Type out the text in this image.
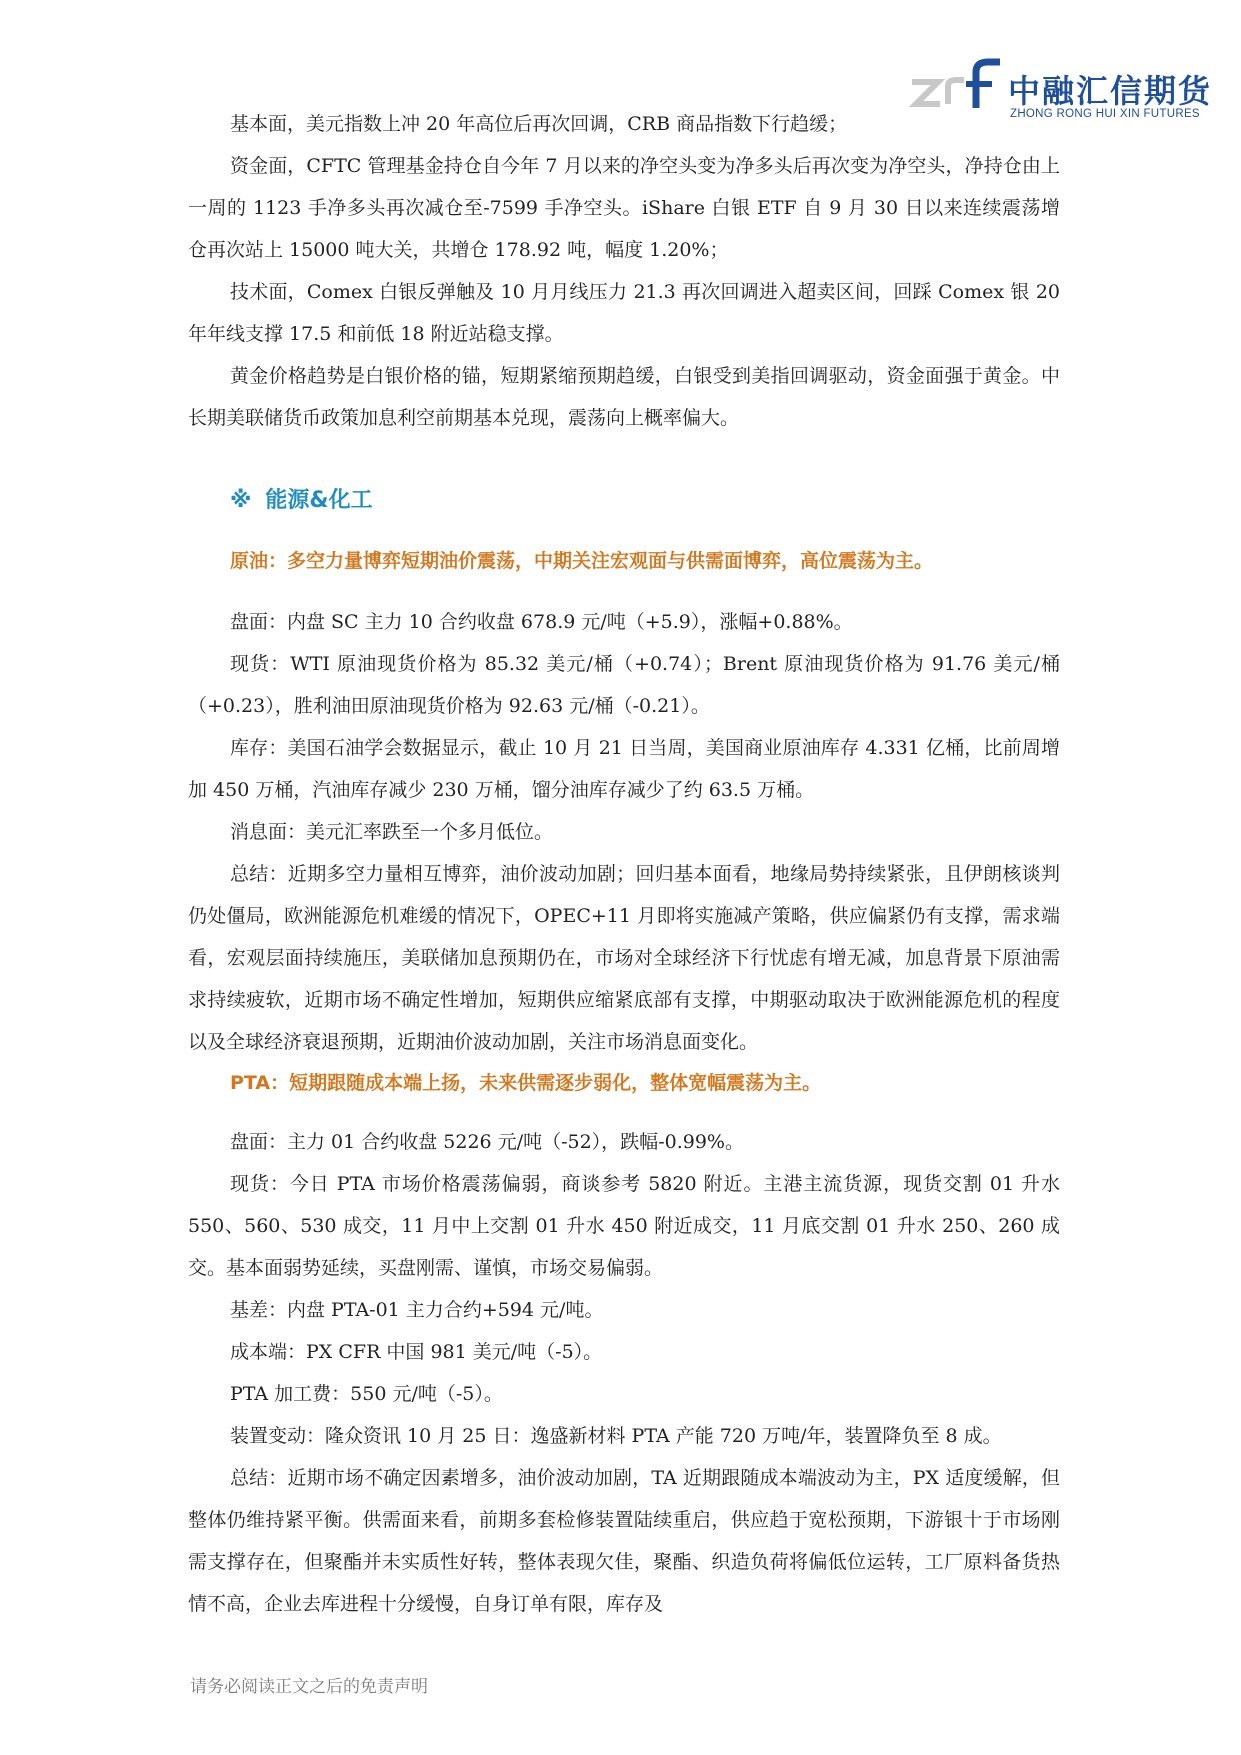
中融汇信期货
ZHONG RONG HUI XIN FUTURES

基本面，美元指数上冲 20 年高位后再次回调，CRB 商品指数下行趋缓；

资金面，CFTC 管理基金持仓自今年 7 月以来的净空头变为净多头后再次变为净空头，净持仓由上一周的 1123 手净多头再次减仓至-7599 手净空头。iShare 白银 ETF 自 9 月 30 日以来连续震荡增仓再次站上 15000 吨大关，共增仓 178.92 吨，幅度 1.20%；

技术面，Comex 白银反弹触及 10 月月线压力 21.3 再次回调进入超卖区间，回踩 Comex 银 20 年年线支撑 17.5 和前低 18 附近站稳支撑。

黄金价格趋势是白银价格的锚，短期紧缩预期趋缓，白银受到美指回调驱动，资金面强于黄金。中长期美联储货币政策加息利空前期基本兑现，震荡向上概率偏大。

※ 能源&化工
原油：多空力量博弈短期油价震荡，中期关注宏观面与供需面博弈，高位震荡为主。

盘面：内盘 SC 主力 10 合约收盘 678.9 元/吨（+5.9），涨幅+0.88%。

现货：WTI 原油现货价格为 85.32 美元/桶（+0.74）；Brent 原油现货价格为 91.76 美元/桶（+0.23），胜利油田原油现货价格为 92.63 元/桶（-0.21）。

库存：美国石油学会数据显示，截止 10 月 21 日当周，美国商业原油库存 4.331 亿桶，比前周增加 450 万桶，汽油库存减少 230 万桶，馏分油库存减少了约 63.5 万桶。

消息面：美元汇率跌至一个多月低位。

总结：近期多空力量相互博弈，油价波动加剧；回归基本面看，地缘局势持续紧张，且伊朗核谈判仍处僵局，欧洲能源危机难缓的情况下，OPEC+11 月即将实施减产策略，供应偏紧仍有支撑，需求端看，宏观层面持续施压，美联储加息预期仍在，市场对全球经济下行忧虑有增无减，加息背景下原油需求持续疲软，近期市场不确定性增加，短期供应缩紧底部有支撑，中期驱动取决于欧洲能源危机的程度以及全球经济衰退预期，近期油价波动加剧，关注市场消息面变化。

PTA：短期跟随成本端上扬，未来供需逐步弱化，整体宽幅震荡为主。

盘面：主力 01 合约收盘 5226 元/吨（-52），跌幅-0.99%。

现货：今日 PTA 市场价格震荡偏弱，商谈参考 5820 附近。主港主流货源，现货交割 01 升水 550、560、530 成交，11 月中上交割 01 升水 450 附近成交，11 月底交割 01 升水 250、260 成交。基本面弱势延续，买盘刚需、谨慎，市场交易偏弱。

基差：内盘 PTA-01 主力合约+594 元/吨。

成本端：PX CFR 中国 981 美元/吨（-5）。

PTA 加工费：550 元/吨（-5）。

装置变动：隆众资讯 10 月 25 日：逸盛新材料 PTA 产能 720 万吨/年，装置降负至 8 成。

总结：近期市场不确定因素增多，油价波动加剧，TA 近期跟随成本端波动为主，PX 适度缓解，但整体仍维持紧平衡。供需面来看，前期多套检修装置陆续重启，供应趋于宽松预期，下游银十于市场刚需支撑存在，但聚酯并未实质性好转，整体表现欠佳，聚酯、织造负荷将偏低位运转，工厂原料备货热情不高，企业去库进程十分缓慢，自身订单有限，库存及

请务必阅读正文之后的免责声明
